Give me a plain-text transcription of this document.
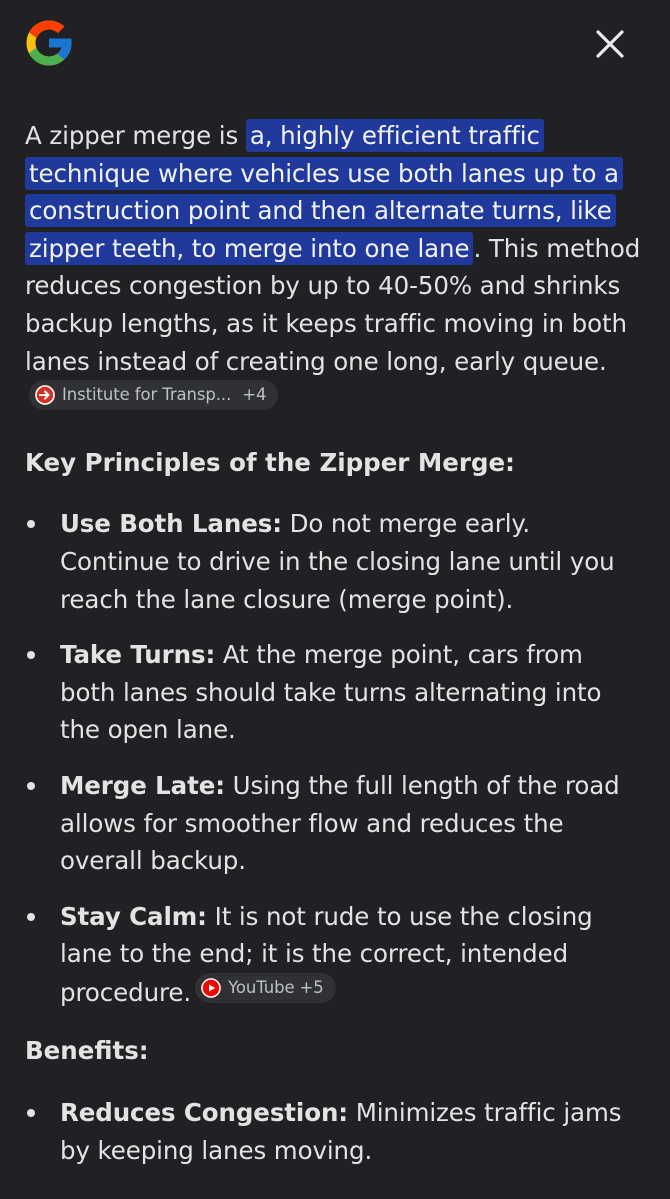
A zipper merge is a, highly efficient traffic technique where vehicles use both lanes up to a construction point and then alternate turns, like zipper teeth, to merge into one lane . This method reduces congestion by up to 40-50% and shrinks backup lengths, as it keeps traffic moving in both lanes instead of creating one long, early queue.
Institute for Transp... +4

Key Principles of the Zipper Merge:
Use Both Lanes: Do not merge early. Continue to drive in the closing lane until you reach the lane closure (merge point).
Take Turns: At the merge point, cars from both lanes should take turns alternating into the open lane.
Merge Late: Using the full length of the road allows for smoother flow and reduces the overall backup.
Stay Calm: It is not rude to use the closing lane to the end; it is the correct, intended procedure. YouTube +5
Benefits:
Reduces Congestion: Minimizes traffic jams by keeping lanes moving.
